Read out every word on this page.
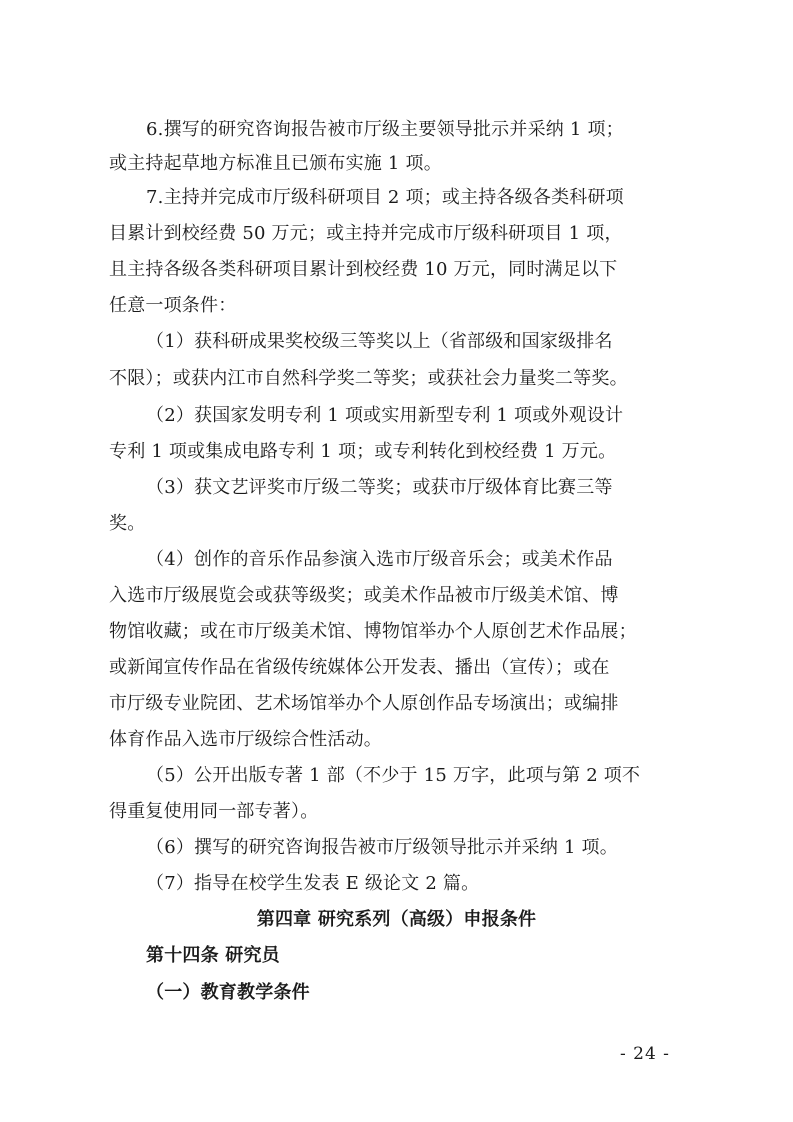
6.撰写的研究咨询报告被市厅级主要领导批示并采纳 1 项；
或主持起草地方标准且已颁布实施 1 项。
7.主持并完成市厅级科研项目 2 项；或主持各级各类科研项
目累计到校经费 50 万元；或主持并完成市厅级科研项目 1 项，
且主持各级各类科研项目累计到校经费 10 万元，同时满足以下
任意一项条件：
（1）获科研成果奖校级三等奖以上（省部级和国家级排名
不限）；或获内江市自然科学奖二等奖；或获社会力量奖二等奖。
（2）获国家发明专利 1 项或实用新型专利 1 项或外观设计
专利 1 项或集成电路专利 1 项；或专利转化到校经费 1 万元。
（3）获文艺评奖市厅级二等奖；或获市厅级体育比赛三等
奖。
（4）创作的音乐作品参演入选市厅级音乐会；或美术作品
入选市厅级展览会或获等级奖；或美术作品被市厅级美术馆、博
物馆收藏；或在市厅级美术馆、博物馆举办个人原创艺术作品展；
或新闻宣传作品在省级传统媒体公开发表、播出（宣传）；或在
市厅级专业院团、艺术场馆举办个人原创作品专场演出；或编排
体育作品入选市厅级综合性活动。
（5）公开出版专著 1 部（不少于 15 万字，此项与第 2 项不
得重复使用同一部专著）。
（6）撰写的研究咨询报告被市厅级领导批示并采纳 1 项。
（7）指导在校学生发表 E 级论文 2 篇。
第四章 研究系列（高级）申报条件
第十四条 研究员
（一）教育教学条件
- 24 -
